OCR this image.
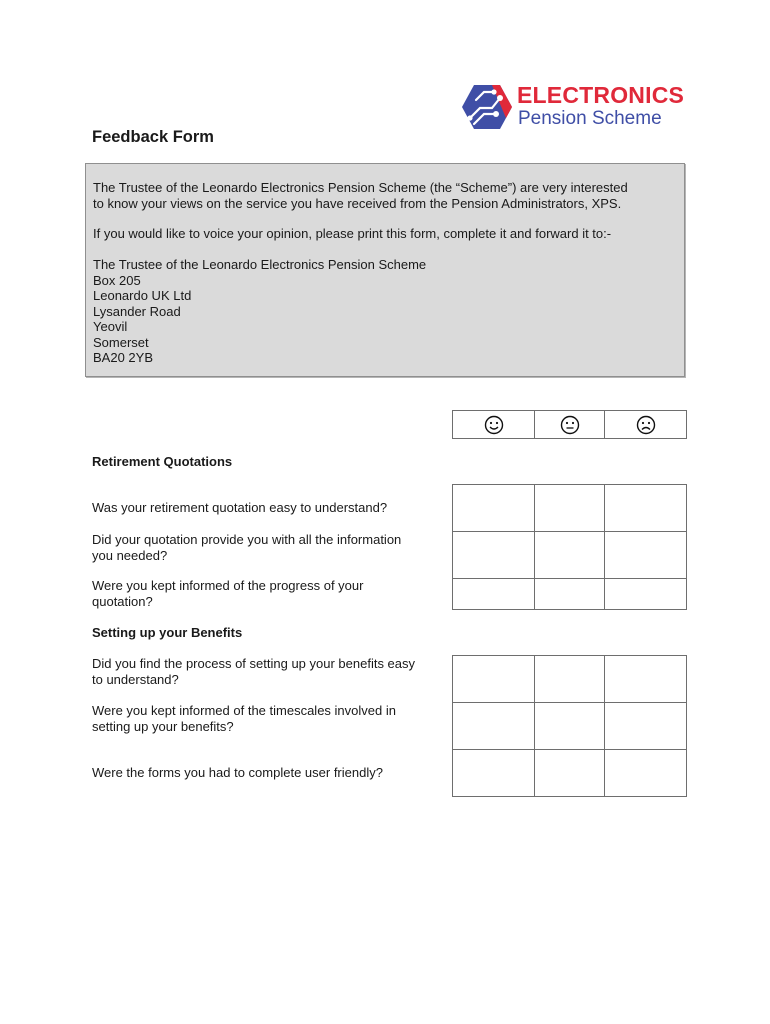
ELECTRONICS
Pension Scheme
Feedback Form
The Trustee of the Leonardo Electronics Pension Scheme (the “Scheme”) are very interested
to know your views on the service you have received from the Pension Administrators, XPS.
If you would like to voice your opinion, please print this form, complete it and forward it to:-
The Trustee of the Leonardo Electronics Pension Scheme
Box 205
Leonardo UK Ltd
Lysander Road
Yeovil
Somerset
BA20 2YB

Retirement Quotations
Was your retirement quotation easy to understand?
Did your quotation provide you with all the information
you needed?
Were you kept informed of the progress of your
quotation?

Setting up your Benefits
Did you find the process of setting up your benefits easy
to understand?
Were you kept informed of the timescales involved in
setting up your benefits?
Were the forms you had to complete user friendly?
